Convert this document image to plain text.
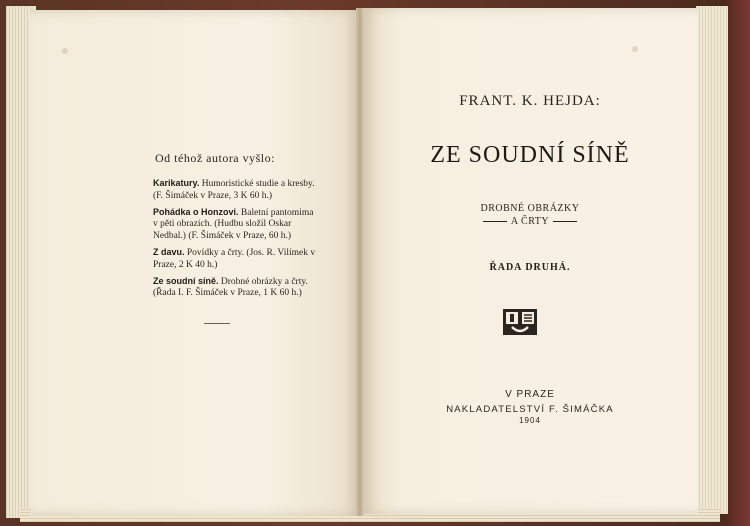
Od téhož autora vyšlo:
Karikatury. Humoristické studie a kresby. (F. Šimáček v Praze, 3 K 60 h.)
Pohádka o Honzovi. Baletní pantomima v pěti obrazích. (Hudbu složil Oskar Nedbal.) (F. Šimáček v Praze, 60 h.)
Z davu. Povídky a črty. (Jos. R. Vilímek v Praze, 2 K 40 h.)
Ze soudní síně. Drobné obrázky a črty. (Řada I. F. Šimáček v Praze, 1 K 60 h.)
FRANT. K. HEJDA:
ZE SOUDNÍ SÍNĚ
DROBNÉ OBRÁZKY
A ČRTY
ŘADA DRUHÁ.
V PRAZE
NAKLADATELSTVÍ F. ŠIMÁČKA
1904
